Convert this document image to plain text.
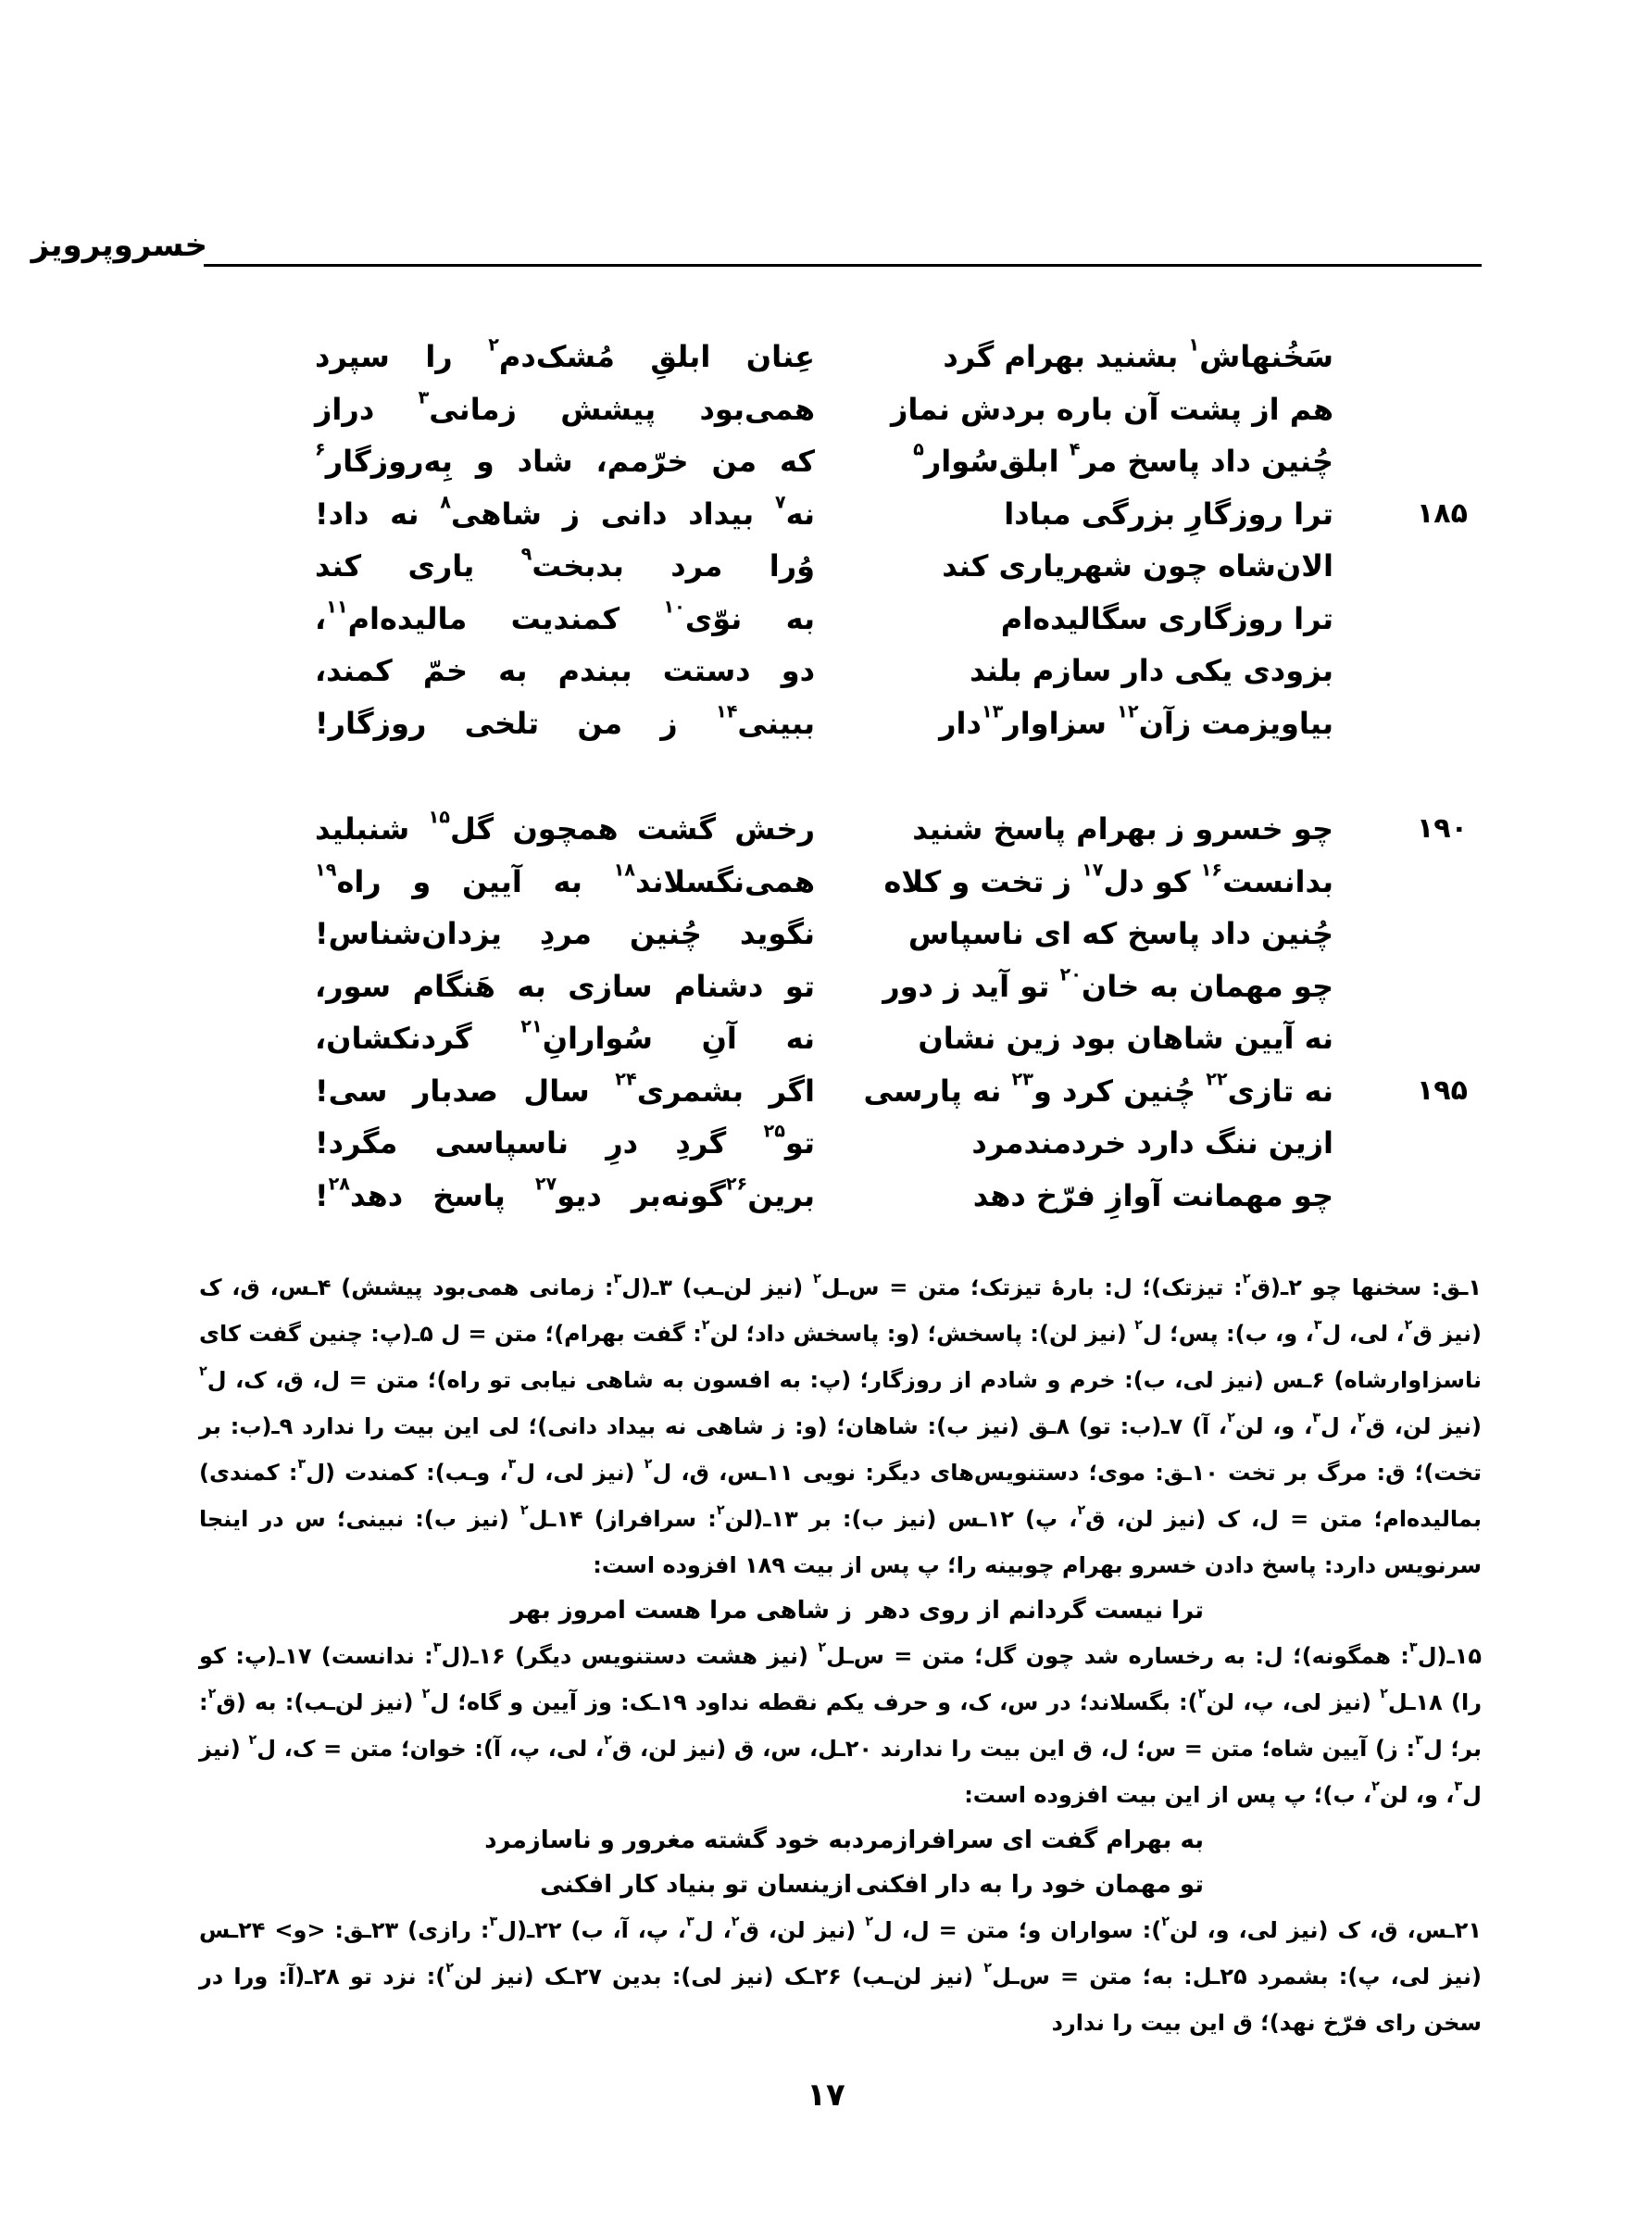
خسروپرویز
سَخُنهاش$^۱$ بشنید بهرام گرد
عِنان ابلقِ مُشک‌دم$^۲$ را سپرد
هم از پشت آن باره بردش نماز
همی‌بود پیشش زمانی$^۳$ دراز
چُنین داد پاسخ مر$^۴$ ابلق‌سُوار$^۵$
که من خرّمم، شاد و بِه‌روزگار$^۶$
۱۸۵
ترا روزگارِ بزرگی مبادا
نه$^۷$ بیداد دانی ز شاهی$^۸$ نه داد!
الان‌شاه چون شهریاری کند
وُرا مرد بدبخت$^۹$ یاری کند
ترا روزگاری سگالیده‌ام
به نوّی$^{۱۰}$ کمندیت مالیده‌ام$^{۱۱}$،
بزودی یکی دار سازم بلند
دو دستت ببندم به خمّ کمند،
بیاویزمت زآن$^{۱۲}$ سزاوار$^{۱۳}$دار
ببینی$^{۱۴}$ ز من تلخی روزگار!
۱۹۰
چو خسرو ز بهرام پاسخ شنید
رخش گشت همچون گل$^{۱۵}$ شنبلید
بدانست$^{۱۶}$ کو دل$^{۱۷}$ ز تخت و کلاه
همی‌نگسلاند$^{۱۸}$ به آیین و راه$^{۱۹}$
چُنین داد پاسخ که ای ناسپاس
نگوید چُنین مردِ یزدان‌شناس!
چو مهمان به خان$^{۲۰}$ تو آید ز دور
تو دشنام سازی به هَنگام سور،
نه آیین شاهان بود زین نشان
نه آنِ سُوارانِ$^{۲۱}$ گردنکشان،
۱۹۵
نه تازی$^{۲۲}$ چُنین کرد و$^{۲۳}$ نه پارسی
اگر بشمری$^{۲۴}$ سال صدبار سی!
ازین ننگ دارد خردمندمرد
تو$^{۲۵}$ گردِ درِ ناسپاسی مگرد!
چو مهمانت آوازِ فرّخ دهد
برین$^{۲۶}$گونه‌بر دیو$^{۲۷}$ پاسخ دهد$^{۲۸}$!
۱ـق: سخنها چو ۲ـ(ق$^۲$: تیزتک)؛ ل: بارهٔ تیزتک؛ متن = س‌ـل$^۲$ (نیز لن‌ـب) ۳ـ(ل$^۳$: زمانی همی‌بود پیشش) ۴ـس، ق، ک (نیز ق$^۲$، لی، ل$^۳$، و، ب): پس؛ ل$^۲$ (نیز لن): پاسخش؛ (و: پاسخش داد؛ لن$^۲$: گفت بهرام)؛ متن = ل ۵ـ(پ: چنین گفت کای ناسزاوارشاه) ۶ـس (نیز لی، ب): خرم و شادم از روزگار؛ (پ: به افسون به شاهی نیابی تو راه)؛ متن = ل، ق، ک، ل$^۲$ (نیز لن، ق$^۲$، ل$^۳$، و، لن$^۲$، آ) ۷ـ(ب: تو) ۸ـق (نیز ب): شاهان؛ (و: ز شاهی نه بیداد دانی)؛ لی این بیت را ندارد ۹ـ(ب: بر تخت)؛ ق: مرگ بر تخت ۱۰ـق: موی؛ دستنویس‌های دیگر: نویی ۱۱ـس، ق، ل$^۲$ (نیز لی، ل$^۳$، و‌ـب): کمندت (ل$^۳$: کمندی) بمالیده‌ام؛ متن = ل، ک (نیز لن، ق$^۲$، پ) ۱۲ـس (نیز ب): بر ۱۳ـ(لن$^۲$: سرافراز) ۱۴ـل$^۲$ (نیز ب): نبینی؛ س در اینجا سرنویس دارد: پاسخ دادن خسرو بهرام چوبینه را؛ پ پس از بیت ۱۸۹ افزوده است:
ترا نیست گردانم از روی دهر
ز شاهی مرا هست امروز بهر
۱۵ـ(ل$^۳$: همگونه)؛ ل: به رخساره شد چون گل؛ متن = س‌ـل$^۲$ (نیز هشت دستنویس دیگر) ۱۶ـ(ل$^۳$: ندانست) ۱۷ـ(پ: کو را) ۱۸ـل$^۲$ (نیز لی، پ، لن$^۲$): بگسلاند؛ در س، ک، و حرف یکم نقطه نداود ۱۹ـک: وز آیین و گاه؛ ل$^۲$ (نیز لن‌ـب): به (ق$^۲$: بر؛ ل$^۳$: ز) آیین شاه؛ متن = س؛ ل، ق این بیت را ندارند ۲۰ـل، س، ق (نیز لن، ق$^۲$، لی، پ، آ): خوان؛ متن = ک، ل$^۲$ (نیز ل$^۳$، و، لن$^۲$، ب)؛ پ پس از این بیت افزوده است:
به بهرام گفت ای سرافرازمرد
به خود گشته مغرور و ناسازمرد
تو مهمان خود را به دار افکنی
ازینسان تو بنیاد کار افکنی
۲۱ـس، ق، ک (نیز لی، و، لن$^۲$): سواران و؛ متن = ل، ل$^۲$ (نیز لن، ق$^۲$، ل$^۳$، پ، آ، ب) ۲۲ـ(ل$^۳$: رازی) ۲۳ـق: <و> ۲۴ـس (نیز لی، پ): بشمرد ۲۵ـل: به؛ متن = س‌ـل$^۲$ (نیز لن‌ـب) ۲۶ـک (نیز لی): بدین ۲۷ـک (نیز لن$^۲$): نزد تو ۲۸ـ(آ: ورا در سخن رای فرّخ نهد)؛ ق این بیت را ندارد
۱۷
